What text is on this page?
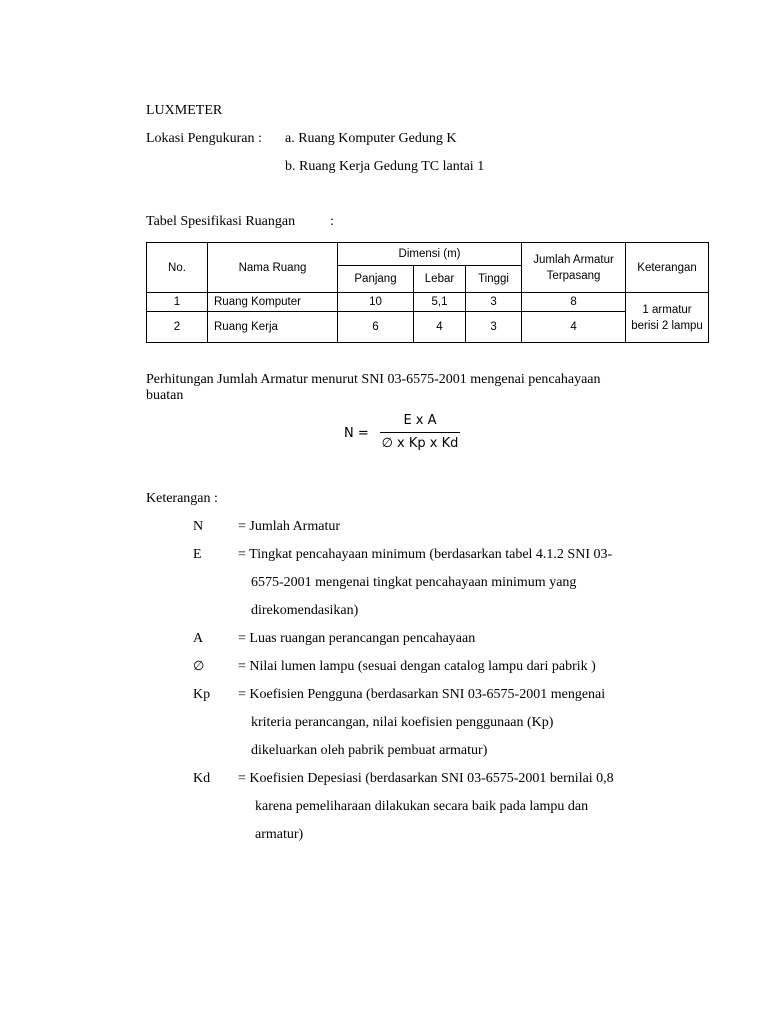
LUXMETER
Lokasi Pengukuran : a. Ruang Komputer Gedung K
b. Ruang Kerja Gedung TC lantai 1
Tabel Spesifikasi Ruangan :
No.	Nama Ruang	Dimensi (m)			Jumlah Armatur Terpasang	Keterangan
		Panjang	Lebar	Tinggi		
1	Ruang Komputer	10	5,1	3	8	1 armatur berisi 2 lampu
2	Ruang Kerja	6	4	3	4	
Perhitungan Jumlah Armatur menurut SNI 03-6575-2001 mengenai pencahayaan
buatan
N =
E x A
∅ x Kp x Kd
Keterangan :
N = Jumlah Armatur
E	= Tingkat pencahayaan minimum (berdasarkan tabel 4.1.2 SNI 03-
6575-2001 mengenai tingkat pencahayaan minimum yang
direkomendasikan)
A = Luas ruangan perancangan pencahayaan
∅ = Nilai lumen lampu (sesuai dengan catalog lampu dari pabrik )
Kp = Koefisien Pengguna (berdasarkan SNI 03-6575-2001 mengenai
kriteria perancangan, nilai koefisien penggunaan (Kp)
dikeluarkan oleh pabrik pembuat armatur)
Kd = Koefisien Depesiasi (berdasarkan SNI 03-6575-2001 bernilai 0,8
karena pemeliharaan dilakukan secara baik pada lampu dan
armatur)
